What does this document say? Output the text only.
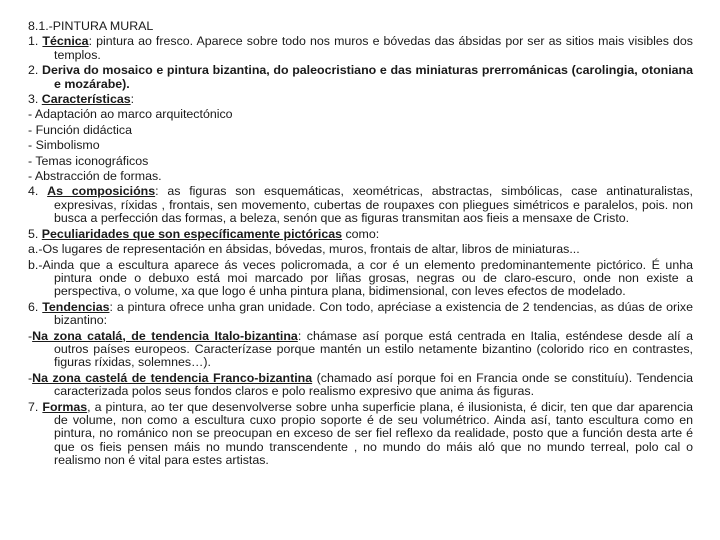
8.1.-PINTURA MURAL
1. Técnica: pintura ao fresco. Aparece sobre todo nos muros e bóvedas das ábsidas por ser as sitios mais visibles dos templos.
2. Deriva do mosaico e pintura bizantina, do paleocristiano e das miniaturas prerrománicas (carolingia, otoniana e mozárabe).
3. Características:
- Adaptación ao marco arquitectónico
- Función didáctica
- Simbolismo
- Temas iconográficos
- Abstracción de formas.
4. As composicións: as figuras son esquemáticas, xeométricas, abstractas, simbólicas, case antinaturalistas, expresivas, ríxidas , frontais, sen movemento, cubertas de roupaxes con pliegues simétricos e paralelos, pois. non busca a perfección das formas, a beleza, senón que as figuras transmitan aos fieis a mensaxe de Cristo.
5. Peculiaridades que son específicamente pictóricas como:
a.-Os lugares de representación en ábsidas, bóvedas, muros, frontais de altar, libros de miniaturas...
b.-Ainda que a escultura aparece ás veces policromada, a cor é un elemento predominantemente pictórico. É unha pintura onde o debuxo está moi marcado por liñas grosas, negras ou de claro-escuro, onde non existe a perspectiva, o volume, xa que logo é unha pintura plana, bidimensional, con leves efectos de modelado.
6. Tendencias: a pintura ofrece unha gran unidade. Con todo, apréciase a existencia de 2 tendencias, as dúas de orixe bizantino:
-Na zona catalá, de tendencia Italo-bizantina: chámase así porque está centrada en Italia, esténdese desde alí a outros países europeos. Caracterízase porque mantén un estilo netamente bizantino (colorido rico en contrastes, figuras ríxidas, solemnes…).
-Na zona castelá de tendencia Franco-bizantina (chamado así porque foi en Francia onde se constituíu). Tendencia caracterizada polos seus fondos claros e polo realismo expresivo que anima ás figuras.
7. Formas, a pintura, ao ter que desenvolverse sobre unha superficie plana, é ilusionista, é dicir, ten que dar aparencia de volume, non como a escultura cuxo propio soporte é de seu volumétrico. Ainda así, tanto escultura como en pintura, no románico non se preocupan en exceso de ser fiel reflexo da realidade, posto que a función desta arte é que os fieis pensen máis no mundo transcendente , no mundo do máis aló que no mundo terreal, polo cal o realismo non é vital para estes artistas.
